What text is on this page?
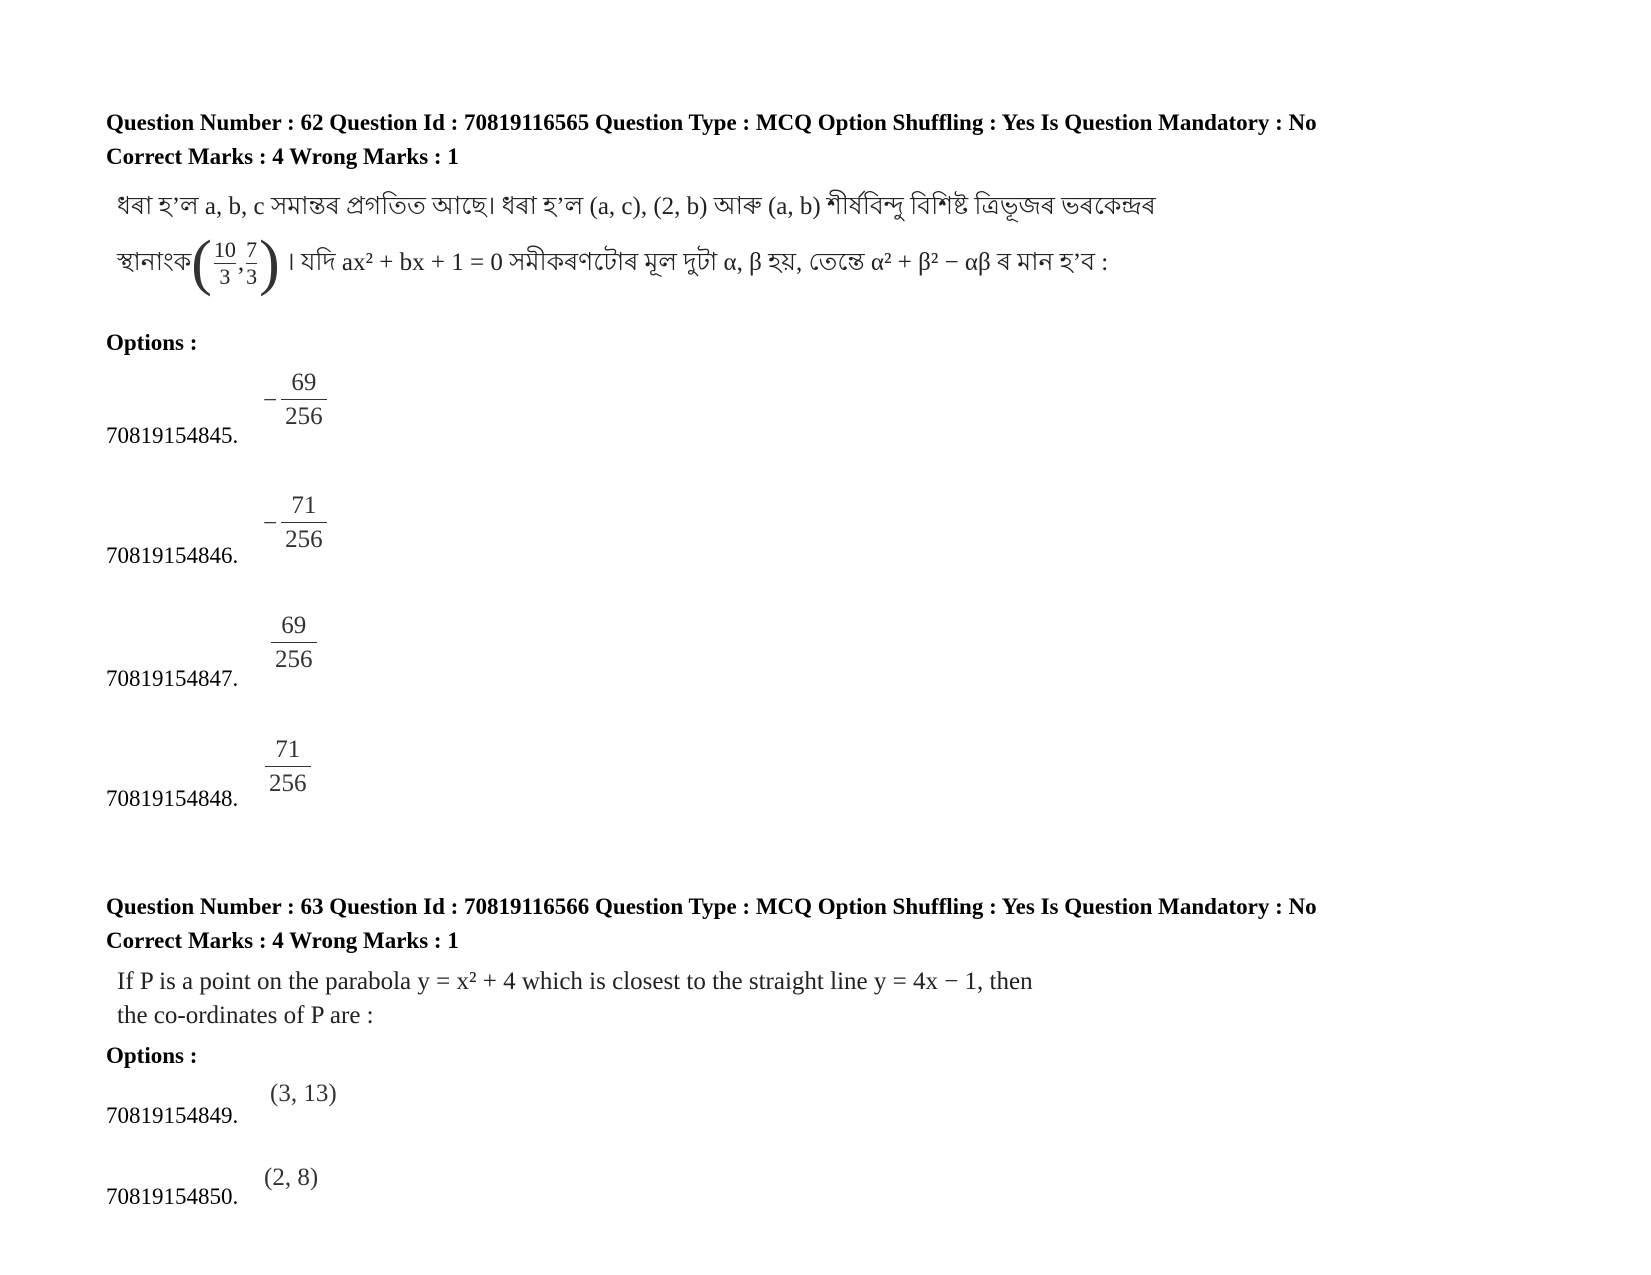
Question Number : 62 Question Id : 70819116565 Question Type : MCQ Option Shuffling : Yes Is Question Mandatory : No
Correct Marks : 4 Wrong Marks : 1
ধৰা হ’ল a, b, c সমান্তৰ প্ৰগতিত আছে। ধৰা হ’ল (a, c), (2, b) আৰু (a, b) শীৰ্ষবিন্দু বিশিষ্ট ত্ৰিভূজৰ ভৰকেন্দ্ৰৰ
স্থানাংক ( $\frac{10}{3}$ , $\frac{7}{3}$ ) । যদি ax² + bx + 1 = 0 সমীকৰণটোৰ মূল দুটা α, β হয়, তেন্তে α² + β² − αβ ৰ মান হ’ব :
Options :
70819154845.
− $\frac{69}{256}$
70819154846.
− $\frac{71}{256}$
70819154847.
$\frac{69}{256}$
70819154848. $\frac{71}{256}$
Question Number : 63 Question Id : 70819116566 Question Type : MCQ Option Shuffling : Yes Is Question Mandatory : No
Correct Marks : 4 Wrong Marks : 1
If P is a point on the parabola y = x² + 4 which is closest to the straight line y = 4x − 1, then
the co-ordinates of P are :
Options :
70819154849.
(3, 13)
70819154850.
(2, 8)
